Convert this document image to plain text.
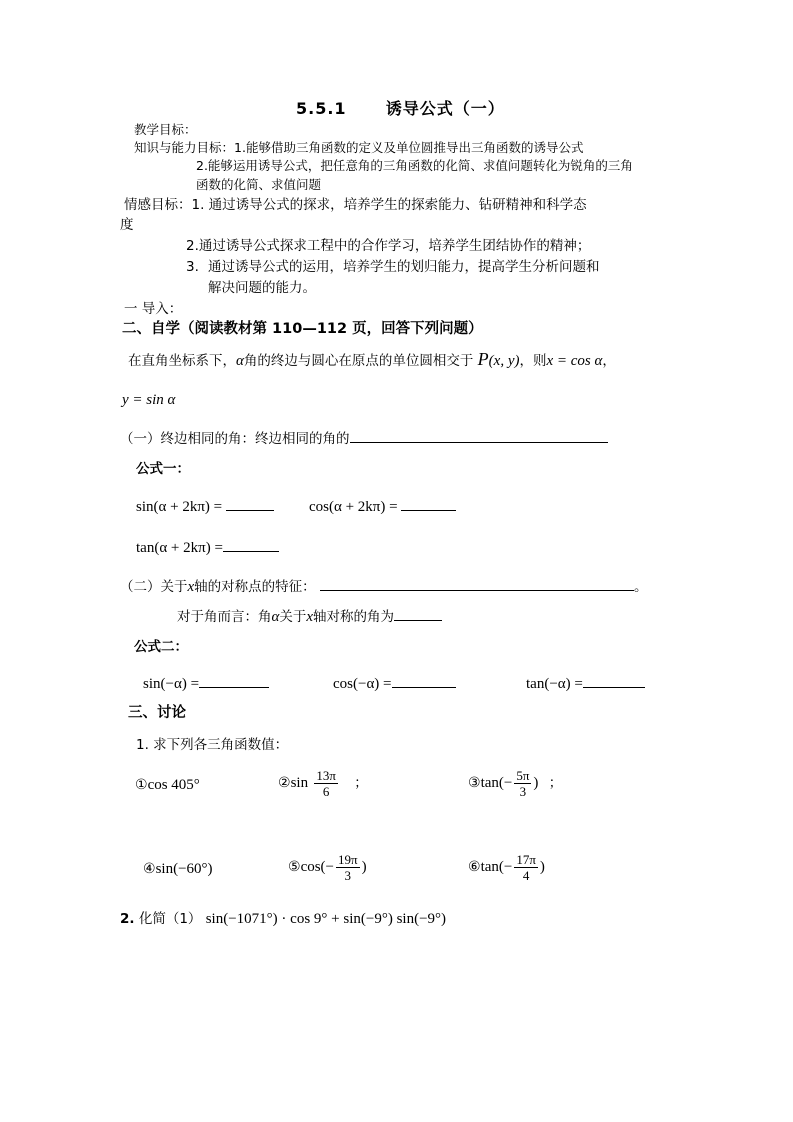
5.5.1 诱导公式（一）
教学目标：
知识与能力目标：1.能够借助三角函数的定义及单位圆推导出三角函数的诱导公式
2.能够运用诱导公式，把任意角的三角函数的化简、求值问题转化为锐角的三角
函数的化简、求值问题
情感目标：1. 通过诱导公式的探求，培养学生的探索能力、钻研精神和科学态
度
2.通过诱导公式探求工程中的合作学习，培养学生团结协作的精神；
3. 通过诱导公式的运用，培养学生的划归能力，提高学生分析问题和
解决问题的能力。
一 导入：
二、自学（阅读教材第 110—112 页，回答下列问题）
在直角坐标系下，α角的终边与圆心在原点的单位圆相交于 P(x, y)，则x = cos α，
y = sin α
（一）终边相同的角：终边相同的角的
公式一：
sin(α + 2kπ) =	cos(α + 2kπ) =
tan(α + 2kπ) =
（二）关于x轴的对称点的特征：	。
对于角而言：角α关于x轴对称的角为
公式二：
sin(−α) =	cos(−α) =	tan(−α) =
三、讨论
1. 求下列各三角函数值：
①cos 405°	②sin $\frac{13\pi}{6}$ ；	③tan(− $\frac{5\pi}{3}$ ) ；
④sin(−60°)	⑤cos(− $\frac{19\pi}{3}$ )	⑥tan(− $\frac{17\pi}{4}$ )
2. 化简（1） sin(−1071°) · cos 9° + sin(−9°) sin(−9°)
